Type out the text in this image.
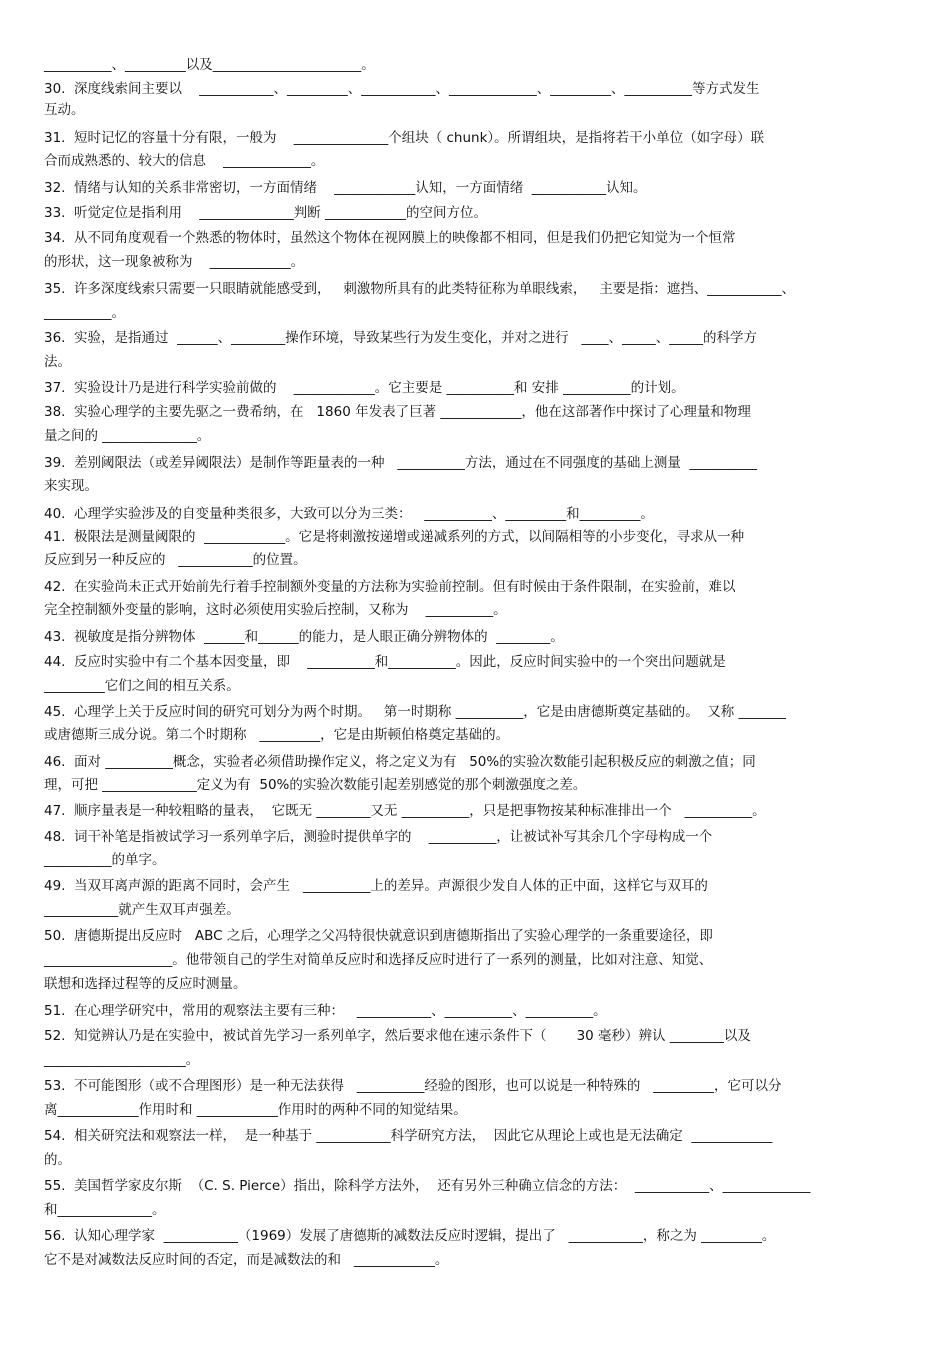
__________、_________以及______________________。
30.  深度线索间主要以    ___________、_________、___________、_____________、_________、__________等方式发生
互动。
31.  短时记忆的容量十分有限，一般为    ______________个组块（ chunk）。所谓组块，是指将若干小单位（如字母）联
合而成熟悉的、较大的信息    _____________。
32.  情绪与认知的关系非常密切，一方面情绪    ____________认知，一方面情绪  ___________认知。
33.  听觉定位是指利用    ______________判断 ____________的空间方位。
34.  从不同角度观看一个熟悉的物体时，虽然这个物体在视网膜上的映像都不相同，但是我们仍把它知觉为一个恒常
的形状，这一现象被称为    ____________。
35.  许多深度线索只需要一只眼睛就能感受到，   刺激物所具有的此类特征称为单眼线索，   主要是指：遮挡、___________、
__________。
36.  实验，是指通过  ______、________操作环境，导致某些行为发生变化，并对之进行   ____、_____、_____的科学方
法。
37.  实验设计乃是进行科学实验前做的    ____________。它主要是 __________和 安排 __________的计划。
38.  实验心理学的主要先驱之一费希纳，在   1860 年发表了巨著 ____________，他在这部著作中探讨了心理量和物理
量之间的 ______________。
39.  差别阈限法（或差异阈限法）是制作等距量表的一种   __________方法，通过在不同强度的基础上测量  __________
来实现。
40.  心理学实验涉及的自变量种类很多，大致可以分为三类：   __________、_________和_________。
41.  极限法是测量阈限的  ____________。它是将刺激按递增或递减系列的方式，以间隔相等的小步变化，寻求从一种
反应到另一种反应的   ___________的位置。
42.  在实验尚未正式开始前先行着手控制额外变量的方法称为实验前控制。但有时候由于条件限制，在实验前，难以
完全控制额外变量的影响，这时必须使用实验后控制，又称为    __________。
43.  视敏度是指分辨物体  ______和______的能力，是人眼正确分辨物体的  ________。
44.  反应时实验中有二个基本因变量，即    __________和__________。因此，反应时间实验中的一个突出问题就是
_________它们之间的相互关系。
45.  心理学上关于反应时间的研究可划分为两个时期。   第一时期称 __________，它是由唐德斯奠定基础的。  又称 _______
或唐德斯三成分说。第二个时期称   _________，它是由斯顿伯格奠定基础的。
46.  面对 __________概念，实验者必须借助操作定义，将之定义为有   50%的实验次数能引起积极反应的刺激之值；同
理，可把 ______________定义为有  50%的实验次数能引起差别感觉的那个刺激强度之差。
47.  顺序量表是一种较粗略的量表，  它既无 ________又无 __________，只是把事物按某种标准排出一个   __________。
48.  词干补笔是指被试学习一系列单字后，测验时提供单字的    __________，让被试补写其余几个字母构成一个
__________的单字。
49.  当双耳离声源的距离不同时，会产生   __________上的差异。声源很少发自人体的正中面，这样它与双耳的
___________就产生双耳声强差。
50.  唐德斯提出反应时   ABC 之后，心理学之父冯特很快就意识到唐德斯指出了实验心理学的一条重要途径，即
___________________。他带领自己的学生对简单反应时和选择反应时进行了一系列的测量，比如对注意、知觉、
联想和选择过程等的反应时测量。
51.  在心理学研究中，常用的观察法主要有三种：   ___________、__________、__________。
52.  知觉辨认乃是在实验中，被试首先学习一系列单字，然后要求他在速示条件下（       30 毫秒）辨认 ________以及
_____________________。
53.  不可能图形（或不合理图形）是一种无法获得   __________经验的图形，也可以说是一种特殊的   _________，它可以分
离____________作用时和 ____________作用时的两种不同的知觉结果。
54.  相关研究法和观察法一样，  是一种基于 ___________科学研究方法，  因此它从理论上或也是无法确定  ____________
的。
55.  美国哲学家皮尔斯  （C. S. Pierce）指出，除科学方法外，  还有另外三种确立信念的方法：  ___________、_____________
和______________。
56.  认知心理学家  ___________（1969）发展了唐德斯的减数法反应时逻辑，提出了   ___________，称之为 _________。
它不是对减数法反应时间的否定，而是减数法的和   ____________。
